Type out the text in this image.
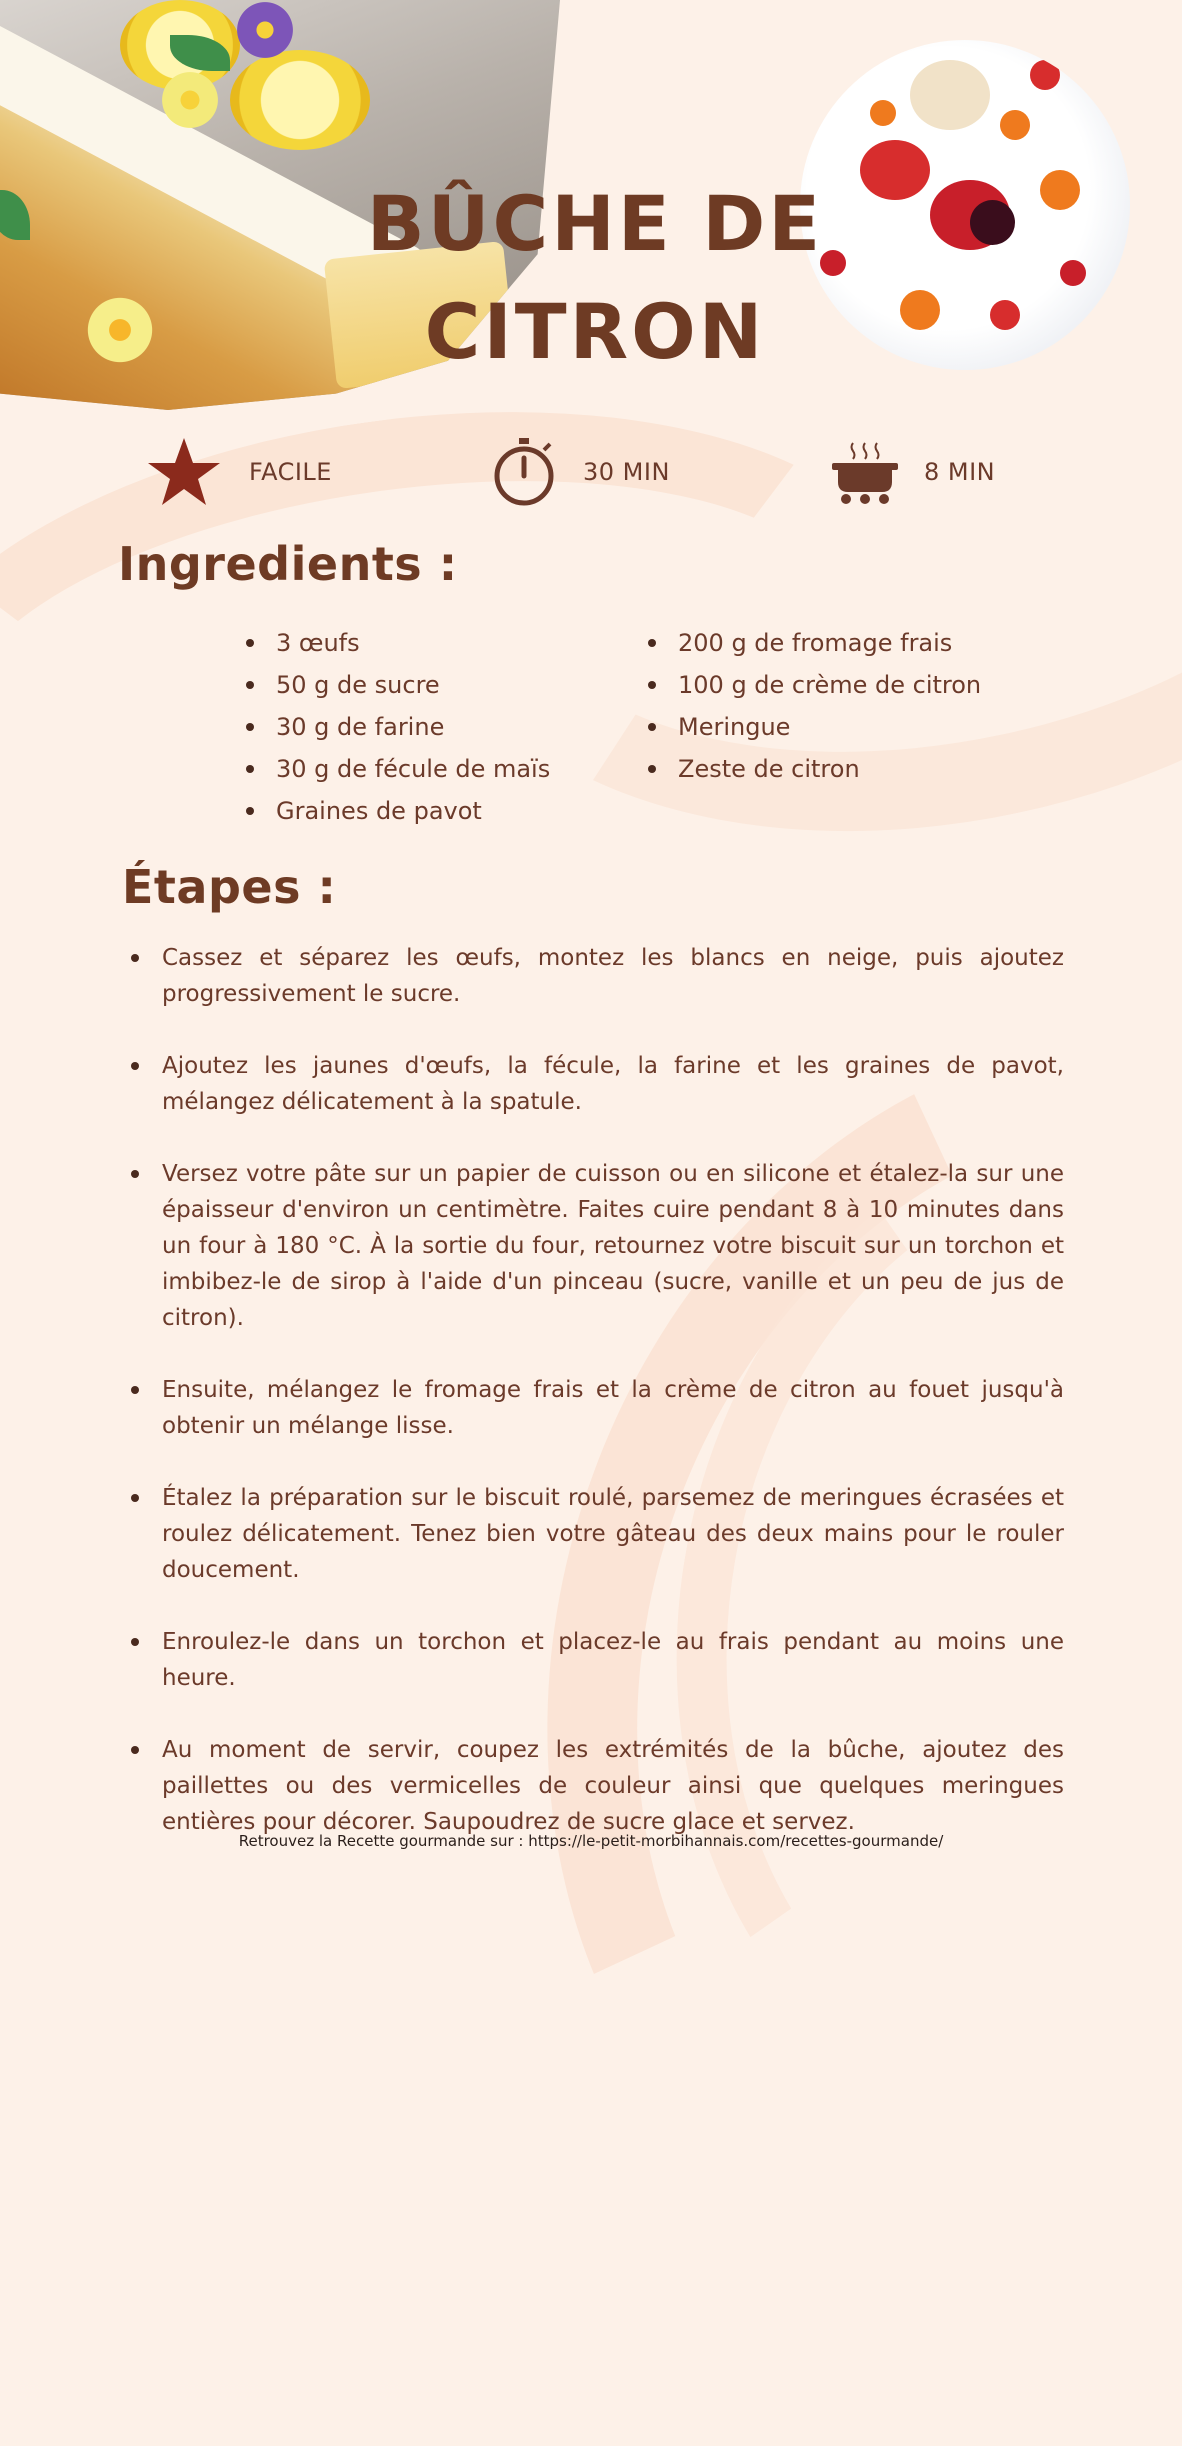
BÛCHE DE CITRON
FACILE	30 MIN	8 MIN
Ingredients :
3 œufs
50 g de sucre
30 g de farine
30 g de fécule de maïs
Graines de pavot
200 g de fromage frais
100 g de crème de citron
Meringue
Zeste de citron
Étapes :
Cassez et séparez les œufs, montez les blancs en neige, puis ajoutez progressivement le sucre.
Ajoutez les jaunes d'œufs, la fécule, la farine et les graines de pavot, mélangez délicatement à la spatule.
Versez votre pâte sur un papier de cuisson ou en silicone et étalez-la sur une épaisseur d'environ un centimètre. Faites cuire pendant 8 à 10 minutes dans un four à 180 °C. À la sortie du four, retournez votre biscuit sur un torchon et imbibez-le de sirop à l'aide d'un pinceau (sucre, vanille et un peu de jus de citron).
Ensuite, mélangez le fromage frais et la crème de citron au fouet jusqu'à obtenir un mélange lisse.
Étalez la préparation sur le biscuit roulé, parsemez de meringues écrasées et roulez délicatement. Tenez bien votre gâteau des deux mains pour le rouler doucement.
Enroulez-le dans un torchon et placez-le au frais pendant au moins une heure.
Au moment de servir, coupez les extrémités de la bûche, ajoutez des paillettes ou des vermicelles de couleur ainsi que quelques meringues entières pour décorer. Saupoudrez de sucre glace et servez.
Retrouvez la Recette gourmande sur : https://le-petit-morbihannais.com/recettes-gourmande/
